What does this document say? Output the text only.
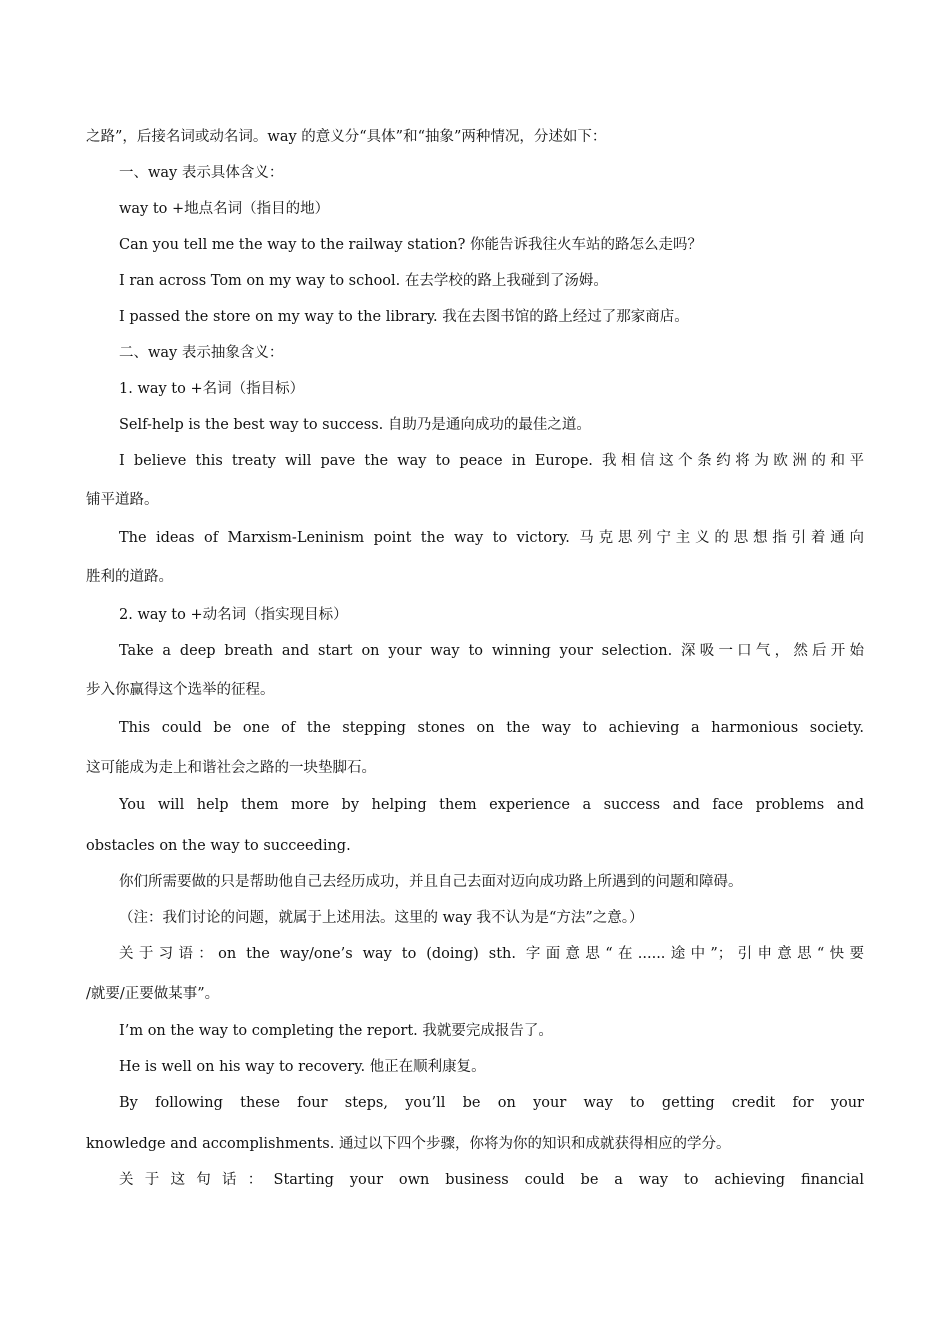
之路”，后接名词或动名词。way 的意义分“具体”和“抽象”两种情况，分述如下：
一、way 表示具体含义：
way to +地点名词（指目的地）
Can you tell me the way to the railway station? 你能告诉我往火车站的路怎么走吗？
I ran across Tom on my way to school. 在去学校的路上我碰到了汤姆。
I passed the store on my way to the library. 我在去图书馆的路上经过了那家商店。
二、way 表示抽象含义：
1. way to +名词（指目标）
Self-help is the best way to success. 自助乃是通向成功的最佳之道。
I believe this treaty will pave the way to peace in Europe. 我相信这个条约将为欧洲的和平
铺平道路。
The ideas of Marxism-Leninism point the way to victory. 马克思列宁主义的思想指引着通向
胜利的道路。
2. way to +动名词（指实现目标）
Take a deep breath and start on your way to winning your selection. 深吸一口气，然后开始
步入你赢得这个选举的征程。
This could be one of the stepping stones on the way to achieving a harmonious society.
这可能成为走上和谐社会之路的一块垫脚石。
You will help them more by helping them experience a success and face problems and
obstacles on the way to succeeding.
你们所需要做的只是帮助他自己去经历成功，并且自己去面对迈向成功路上所遇到的问题和障碍。
（注：我们讨论的问题，就属于上述用法。这里的 way 我不认为是“方法”之意。）
关于习语：on the way/one’s way to (doing) sth. 字面意思“在......途中”；引申意思“快要
/就要/正要做某事”。
I’m on the way to completing the report. 我就要完成报告了。
He is well on his way to recovery. 他正在顺利康复。
By following these four steps, you’ll be on your way to getting credit for your
knowledge and accomplishments. 通过以下四个步骤，你将为你的知识和成就获得相应的学分。
关于这句话：Starting your own business could be a way to achieving financial
